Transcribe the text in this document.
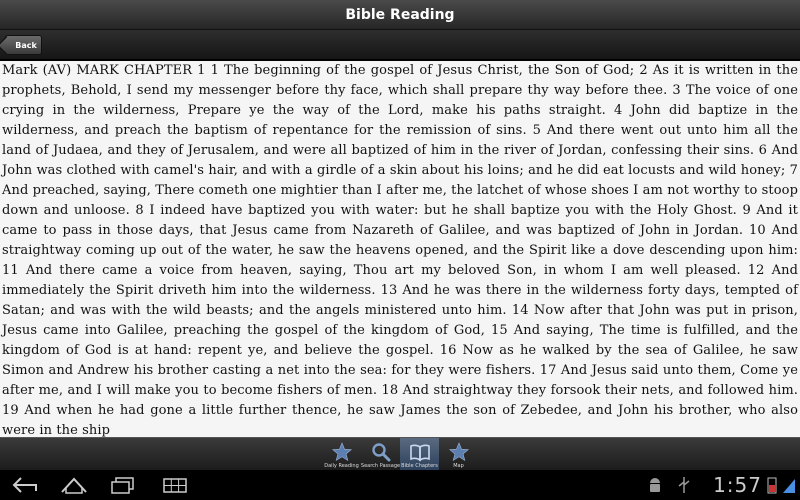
Bible Reading
Back

Mark (AV) MARK CHAPTER 1 1 The beginning of the gospel of Jesus Christ, the Son of God; 2 As it is written in the prophets, Behold, I send my messenger before thy face, which shall prepare thy way before thee. 3 The voice of one crying in the wilderness, Prepare ye the way of the Lord, make his paths straight. 4 John did baptize in the wilderness, and preach the baptism of repentance for the remission of sins. 5 And there went out unto him all the land of Judaea, and they of Jerusalem, and were all baptized of him in the river of Jordan, confessing their sins. 6 And John was clothed with camel's hair, and with a girdle of a skin about his loins; and he did eat locusts and wild honey; 7 And preached, saying, There cometh one mightier than I after me, the latchet of whose shoes I am not worthy to stoop down and unloose. 8 I indeed have baptized you with water: but he shall baptize you with the Holy Ghost. 9 And it came to pass in those days, that Jesus came from Nazareth of Galilee, and was baptized of John in Jordan. 10 And straightway coming up out of the water, he saw the heavens opened, and the Spirit like a dove descending upon him: 11 And there came a voice from heaven, saying, Thou art my beloved Son, in whom I am well pleased. 12 And immediately the Spirit driveth him into the wilderness. 13 And he was there in the wilderness forty days, tempted of Satan; and was with the wild beasts; and the angels ministered unto him. 14 Now after that John was put in prison, Jesus came into Galilee, preaching the gospel of the kingdom of God, 15 And saying, The time is fulfilled, and the kingdom of God is at hand: repent ye, and believe the gospel. 16 Now as he walked by the sea of Galilee, he saw Simon and Andrew his brother casting a net into the sea: for they were fishers. 17 And Jesus said unto them, Come ye after me, and I will make you to become fishers of men. 18 And straightway they forsook their nets, and followed him. 19 And when he had gone a little further thence, he saw James the son of Zebedee, and John his brother, who also were in the ship

Daily Reading Search Passage Bible Chapters	Map
1:57
